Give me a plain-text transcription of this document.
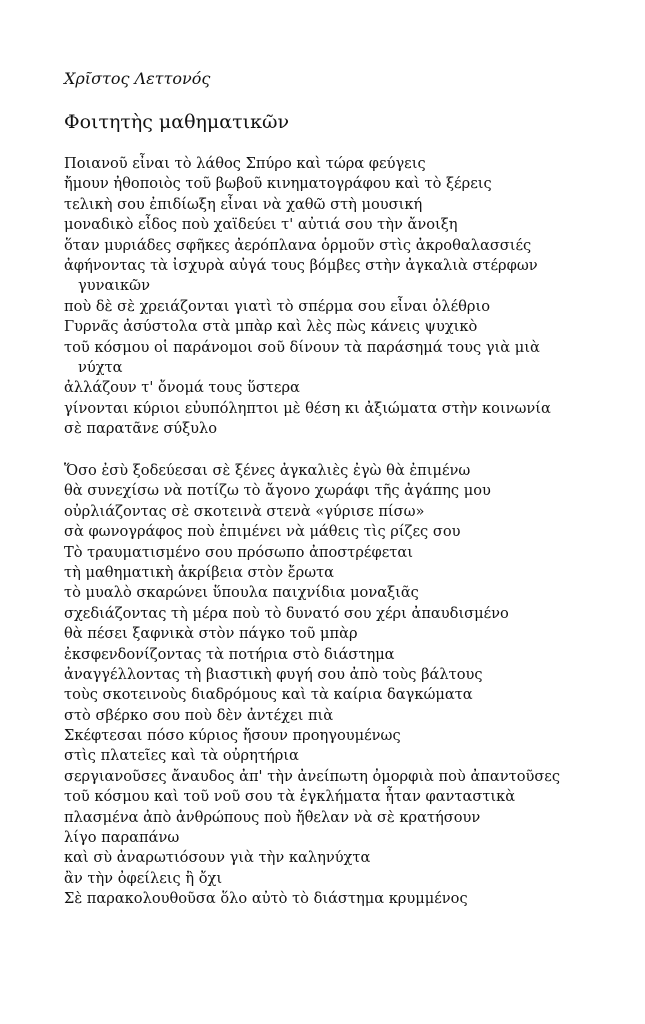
Χρῖστος Λεττονός
Φοιτητὴς μαθηματικῶν
Ποιανοῦ εἶναι τὸ λάθος Σπύρο καὶ τώρα φεύγεις
ἤμουν ἠθοποιὸς τοῦ βωβοῦ κινηματογράφου καὶ τὸ ξέρεις
τελικὴ σου ἐπιδίωξη εἶναι νὰ χαθῶ στὴ μουσική
μοναδικὸ εἶδος ποὺ χαϊδεύει τ' αὐτιά σου τὴν ἄνοιξη
ὅταν μυριάδες σφῆκες ἀερόπλανα ὁρμοῦν στὶς ἀκροθαλασσιές
ἀφήνοντας τὰ ἰσχυρὰ αὐγά τους βόμβες στὴν ἀγκαλιὰ στέρφων
γυναικῶν
ποὺ δὲ σὲ χρειάζονται γιατὶ τὸ σπέρμα σου εἶναι ὀλέθριο
Γυρνᾶς ἀσύστολα στὰ μπὰρ καὶ λὲς πὼς κάνεις ψυχικὸ
τοῦ κόσμου οἱ παράνομοι σοῦ δίνουν τὰ παράσημά τους γιὰ μιὰ
νύχτα
ἀλλάζουν τ' ὄνομά τους ὕστερα
γίνονται κύριοι εὐυπόληπτοι μὲ θέση κι ἀξιώματα στὴν κοινωνία
σὲ παρατᾶνε σύξυλο
Ὅσο ἐσὺ ξοδεύεσαι σὲ ξένες ἀγκαλιὲς ἐγὼ θὰ ἐπιμένω
θὰ συνεχίσω νὰ ποτίζω τὸ ἄγονο χωράφι τῆς ἀγάπης μου
οὐρλιάζοντας σὲ σκοτεινὰ στενὰ «γύρισε πίσω»
σὰ φωνογράφος ποὺ ἐπιμένει νὰ μάθεις τὶς ρίζες σου
Τὸ τραυματισμένο σου πρόσωπο ἀποστρέφεται
τὴ μαθηματικὴ ἀκρίβεια στὸν ἔρωτα
τὸ μυαλὸ σκαρώνει ὕπουλα παιχνίδια μοναξιᾶς
σχεδιάζοντας τὴ μέρα ποὺ τὸ δυνατό σου χέρι ἀπαυδισμένο
θὰ πέσει ξαφνικὰ στὸν πάγκο τοῦ μπὰρ
ἐκσφενδονίζοντας τὰ ποτήρια στὸ διάστημα
ἀναγγέλλοντας τὴ βιαστικὴ φυγή σου ἀπὸ τοὺς βάλτους
τοὺς σκοτεινοὺς διαδρόμους καὶ τὰ καίρια δαγκώματα
στὸ σβέρκο σου ποὺ δὲν ἀντέχει πιὰ
Σκέφτεσαι πόσο κύριος ἤσουν προηγουμένως
στὶς πλατεῖες καὶ τὰ οὐρητήρια
σεργιανοῦσες ἄναυδος ἀπ' τὴν ἀνείπωτη ὀμορφιὰ ποὺ ἀπαντοῦσες
τοῦ κόσμου καὶ τοῦ νοῦ σου τὰ ἐγκλήματα ἦταν φανταστικὰ
πλασμένα ἀπὸ ἀνθρώπους ποὺ ἤθελαν νὰ σὲ κρατήσουν
λίγο παραπάνω
καὶ σὺ ἀναρωτιόσουν γιὰ τὴν καληνύχτα
ἂν τὴν ὀφείλεις ἢ ὄχι
Σὲ παρακολουθοῦσα ὅλο αὐτὸ τὸ διάστημα κρυμμένος
